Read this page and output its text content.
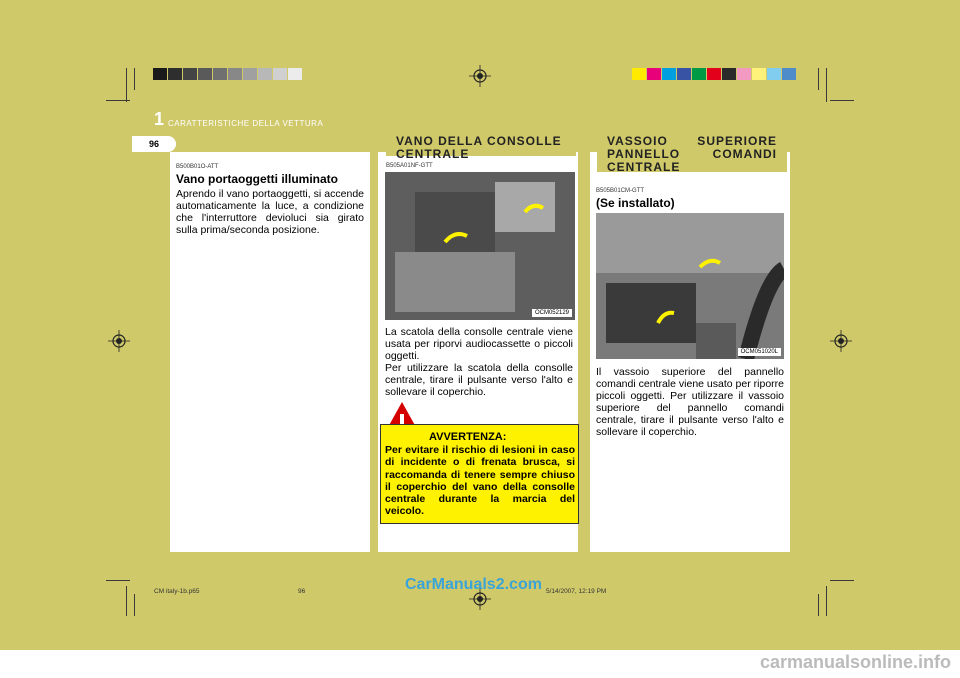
1 CARATTERISTICHE DELLA VETTURA
96	VANO DELLA CONSOLLE CENTRALE
VASSOIO SUPERIORE PANNELLO COMANDI CENTRALE
B500B01O-ATT
Vano portaoggetti illuminato
Aprendo il vano portaoggetti, si accende automaticamente la luce, a condizione che l'interruttore devioluci sia girato sulla prima/seconda posizione.
B505A01NF-GTT
OCM052129
La scatola della consolle centrale viene usata per riporvi audiocassette o piccoli oggetti.
Per utilizzare la scatola della consolle centrale, tirare il pulsante verso l'alto e sollevare il coperchio.
AVVERTENZA:
Per evitare il rischio di lesioni in caso di incidente o di frenata brusca, si raccomanda di tenere sempre chiuso il coperchio del vano della consolle centrale durante la marcia del veicolo.
B505B01CM-GTT
(Se installato)
OCM051020L
Il vassoio superiore del pannello comandi centrale viene usato per riporre piccoli oggetti. Per utilizzare il vassoio superiore del pannello comandi centrale, tirare il pulsante verso l'alto e sollevare il coperchio.
CM italy-1b.p65	96	5/14/2007, 12:19 PM
CarManuals2.com
carmanualsonline.info
